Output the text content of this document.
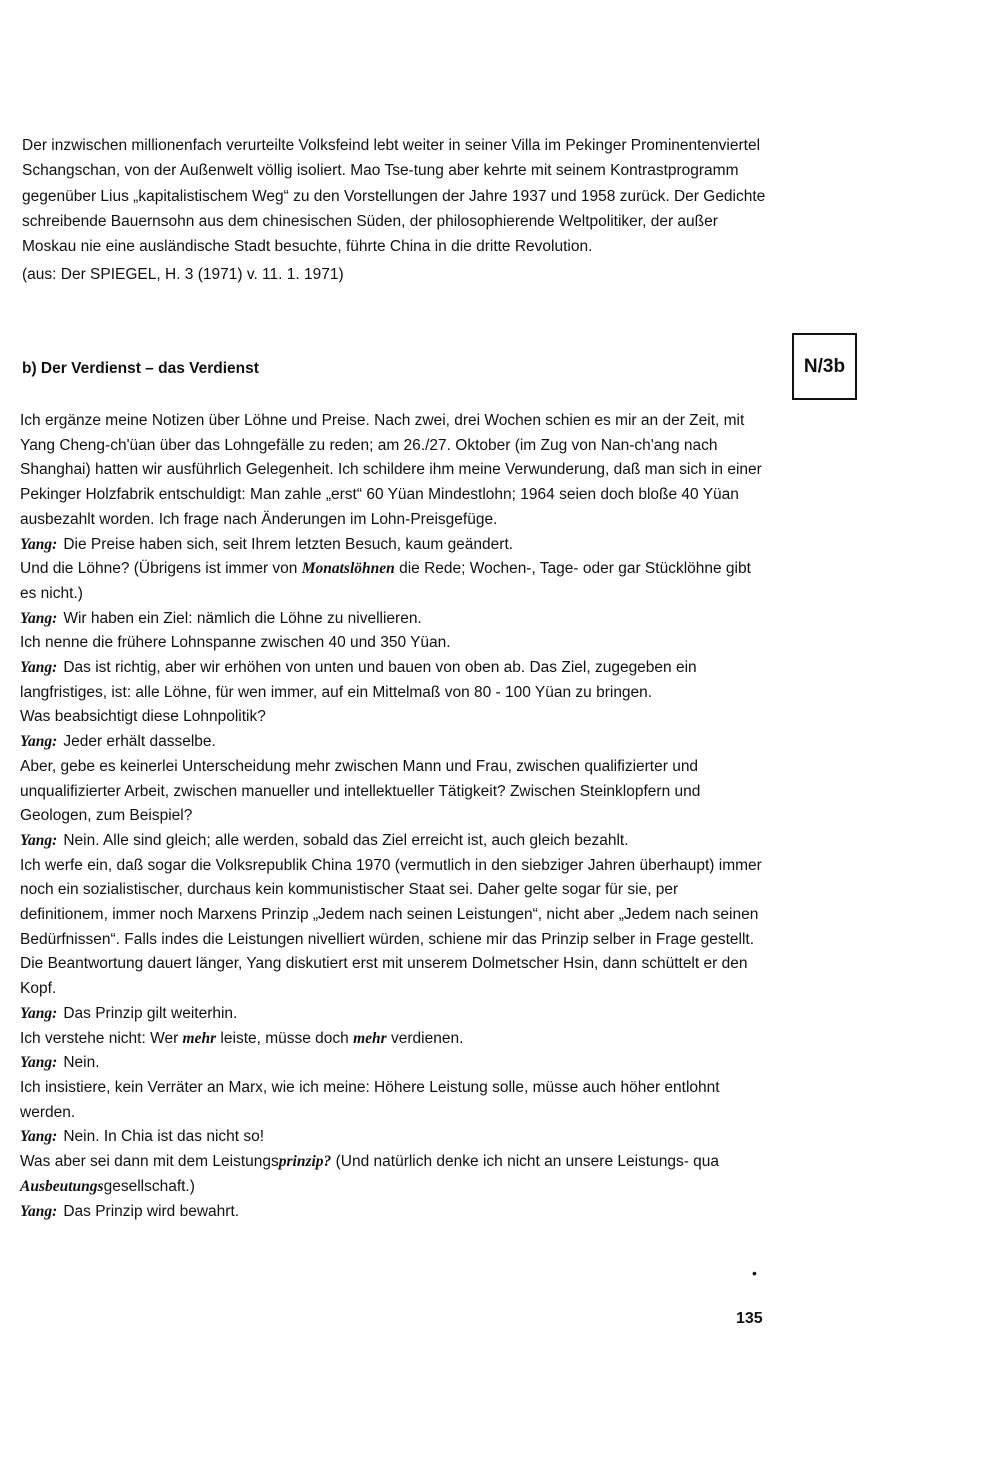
Der inzwischen millionenfach verurteilte Volksfeind lebt weiter in seiner Villa im Pekinger Prominentenviertel Schangschan, von der Außenwelt völlig isoliert. Mao Tse-tung aber kehrte mit seinem Kontrastprogramm gegenüber Lius „kapitalistischem Weg“ zu den Vorstellungen der Jahre 1937 und 1958 zurück. Der Gedichte schreibende Bauernsohn aus dem chinesischen Süden, der philosophierende Weltpolitiker, der außer Moskau nie eine ausländische Stadt besuchte, führte China in die dritte Revolution.
(aus: Der SPIEGEL, H. 3 (1971) v. 11. 1. 1971)
b) Der Verdienst – das Verdienst	N/3b

Ich ergänze meine Notizen über Löhne und Preise. Nach zwei, drei Wochen schien es mir an der Zeit, mit Yang Cheng-ch'üan über das Lohngefälle zu reden; am 26./27. Oktober (im Zug von Nan-ch'ang nach Shanghai) hatten wir ausführlich Gelegenheit. Ich schildere ihm meine Verwunderung, daß man sich in einer Pekinger Holzfabrik entschuldigt: Man zahle „erst“ 60 Yüan Mindestlohn; 1964 seien doch bloße 40 Yüan ausbezahlt worden. Ich frage nach Änderungen im Lohn-Preisgefüge.

Yang: Die Preise haben sich, seit Ihrem letzten Besuch, kaum geändert.

Und die Löhne? (Übrigens ist immer von Monatslöhnen die Rede; Wochen-, Tage- oder gar Stücklöhne gibt es nicht.)

Yang: Wir haben ein Ziel: nämlich die Löhne zu nivellieren.

Ich nenne die frühere Lohnspanne zwischen 40 und 350 Yüan.

Yang: Das ist richtig, aber wir erhöhen von unten und bauen von oben ab. Das Ziel, zugegeben ein langfristiges, ist: alle Löhne, für wen immer, auf ein Mittelmaß von 80 - 100 Yüan zu bringen.

Was beabsichtigt diese Lohnpolitik?

Yang: Jeder erhält dasselbe.

Aber, gebe es keinerlei Unterscheidung mehr zwischen Mann und Frau, zwischen qualifizierter und unqualifizierter Arbeit, zwischen manueller und intellektueller Tätigkeit? Zwischen Steinklopfern und Geologen, zum Beispiel?

Yang: Nein. Alle sind gleich; alle werden, sobald das Ziel erreicht ist, auch gleich bezahlt.

Ich werfe ein, daß sogar die Volksrepublik China 1970 (vermutlich in den siebziger Jahren überhaupt) immer noch ein sozialistischer, durchaus kein kommunistischer Staat sei. Daher gelte sogar für sie, per definitionem, immer noch Marxens Prinzip „Jedem nach seinen Leistungen“, nicht aber „Jedem nach seinen Bedürfnissen“. Falls indes die Leistungen nivelliert würden, schiene mir das Prinzip selber in Frage gestellt. Die Beantwortung dauert länger, Yang diskutiert erst mit unserem Dolmetscher Hsin, dann schüttelt er den Kopf.

Yang: Das Prinzip gilt weiterhin.

Ich verstehe nicht: Wer mehr leiste, müsse doch mehr verdienen.

Yang: Nein.

Ich insistiere, kein Verräter an Marx, wie ich meine: Höhere Leistung solle, müsse auch höher entlohnt werden.

Yang: Nein. In Chia ist das nicht so!

Was aber sei dann mit dem Leistungsprinzip? (Und natürlich denke ich nicht an unsere Leistungs- qua Ausbeutungsgesellschaft.)

Yang: Das Prinzip wird bewahrt.

•
135
